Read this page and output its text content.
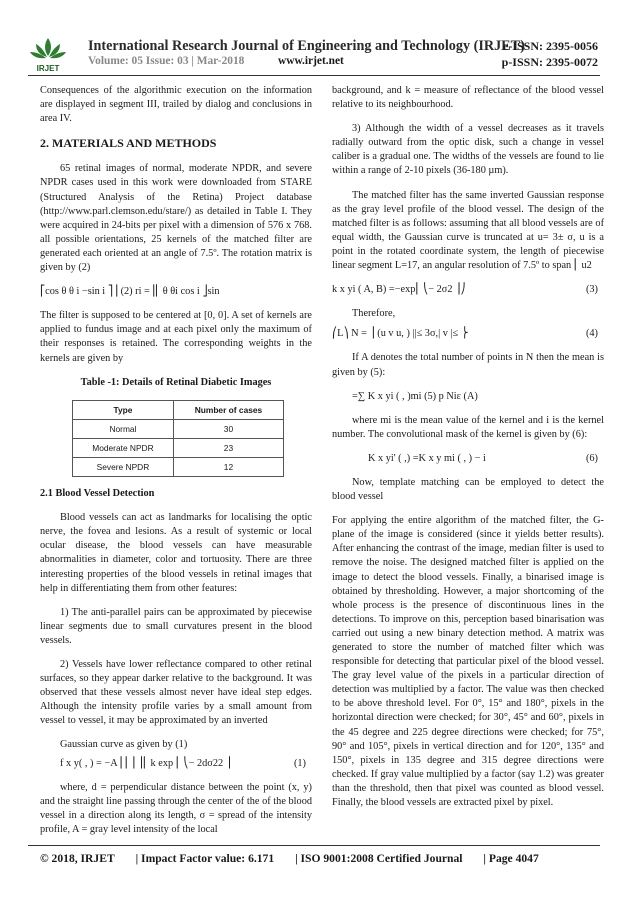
IRJET
International Research Journal of Engineering and Technology (IRJET)
e-ISSN: 2395-0056
Volume: 05 Issue: 03 | Mar-2018	www.irjet.net	p-ISSN: 2395-0072

Consequences of the algorithmic execution on the information are displayed in segment III, trailed by dialog and conclusions in area IV.

2. MATERIALS AND METHODS

65 retinal images of normal, moderate NPDR, and severe NPDR cases used in this work were downloaded from STARE (Structured Analysis of the Retina) Project database (http://www.parl.clemson.edu/stare/) as detailed in Table I. They were acquired in 24-bits per pixel with a dimension of 576 x 768. all possible orientations, 25 kernels of the matched filter are generated each oriented at an angle of 7.5º. The rotation matrix is given by (2)

⎡cos θ θ i −sin i ⎤⎥ (2) ri =⎥⎢ θ θi cos i ⎦sin

The filter is supposed to be centered at [0, 0]. A set of kernels are applied to fundus image and at each pixel only the maximum of their responses is retained. The corresponding weights in the kernels are given by

Table -1: Details of Retinal Diabetic Images
Type	Number of cases
Normal	30
Moderate NPDR	23
Severe NPDR	12
2.1 Blood Vessel Detection

Blood vessels can act as landmarks for localising the optic nerve, the fovea and lesions. As a result of systemic or local ocular disease, the blood vessels can have measurable abnormalities in diameter, color and tortuosity. There are three interesting properties of the blood vessels in retinal images that help in differentiating them from other features:

1) The anti-parallel pairs can be approximated by piecewise linear segments due to small curvatures present in the blood vessels.

2) Vessels have lower reflectance compared to other retinal surfaces, so they appear darker relative to the background. It was observed that these vessels almost never have ideal step edges. Although the intensity profile varies by a small amount from vessel to vessel, it may be approximated by an inverted

Gaussian curve as given by (1)

f x y( , ) = −A ⎜⎜⎟ ⎟⎜ k exp ⎜ ⎝− 2dσ22 ⎟	(1)

where, d = perpendicular distance between the point (x, y) and the straight line passing through the center of the of the blood vessel in a direction along its length, σ = spread of the intensity profile, A = gray level intensity of the local

background, and k = measure of reflectance of the blood vessel relative to its neighbourhood.

3) Although the width of a vessel decreases as it travels radially outward from the optic disk, such a change in vessel caliber is a gradual one. The widths of the vessels are found to lie within a range of 2-10 pixels (36-180 µm).

The matched filter has the same inverted Gaussian response as the gray level profile of the blood vessel. The design of the matched filter is as follows: assuming that all blood vessels are of equal width, the Gaussian curve is truncated at u= 3± σ, u is a point in the rotated coordinate system, the length of piecewise linear segment L=17, an angular resolution of 7.5º to span ⎜ u2

k x yi ( A, B) =−exp⎜ ⎝− 2σ2 ⎟⎠	(3)

Therefore,

⎛L⎞ N = ⎟ (u v u, ) ||≤ 3σ,| v |≤ ⎬	(4)

If A denotes the total number of points in N then the mean is given by (5):

=∑ K x yi ( , )mi (5) p Niε (A)

where mi is the mean value of the kernel and i is the kernel number. The convolutional mask of the kernel is given by (6):

K x yi' ( ,) =K x y mi ( , ) − i	(6)

Now, template matching can be employed to detect the blood vessel

For applying the entire algorithm of the matched filter, the G-plane of the image is considered (since it yields better results). After enhancing the contrast of the image, median filter is used to remove the noise. The designed matched filter is applied on the image to detect the blood vessels. Finally, a binarised image is obtained by thresholding. However, a major shortcoming of the whole process is the presence of discontinuous lines in the detections. To improve on this, perception based binarisation was carried out using a new binary detection method. A matrix was generated to store the number of matched filter which was responsible for detecting that particular pixel of the blood vessel. The gray level value of the pixels in a particular direction of detection was multiplied by a factor. The value was then checked to be above threshold level. For 0°, 15° and 180°, pixels in the horizontal direction were checked; for 30°, 45° and 60°, pixels in the 45 degree and 225 degree directions were checked; for 75°, 90° and 105°, pixels in vertical direction and for 120°, 135° and 150°, pixels in 135 degree and 315 degree directions were checked. If gray value multiplied by a factor (say 1.2) was greater than the threshold, then that pixel was counted as blood vessel. Finally, the blood vessels are extracted pixel by pixel.

© 2018, IRJET | Impact Factor value: 6.171 | ISO 9001:2008 Certified Journal | Page 4047
